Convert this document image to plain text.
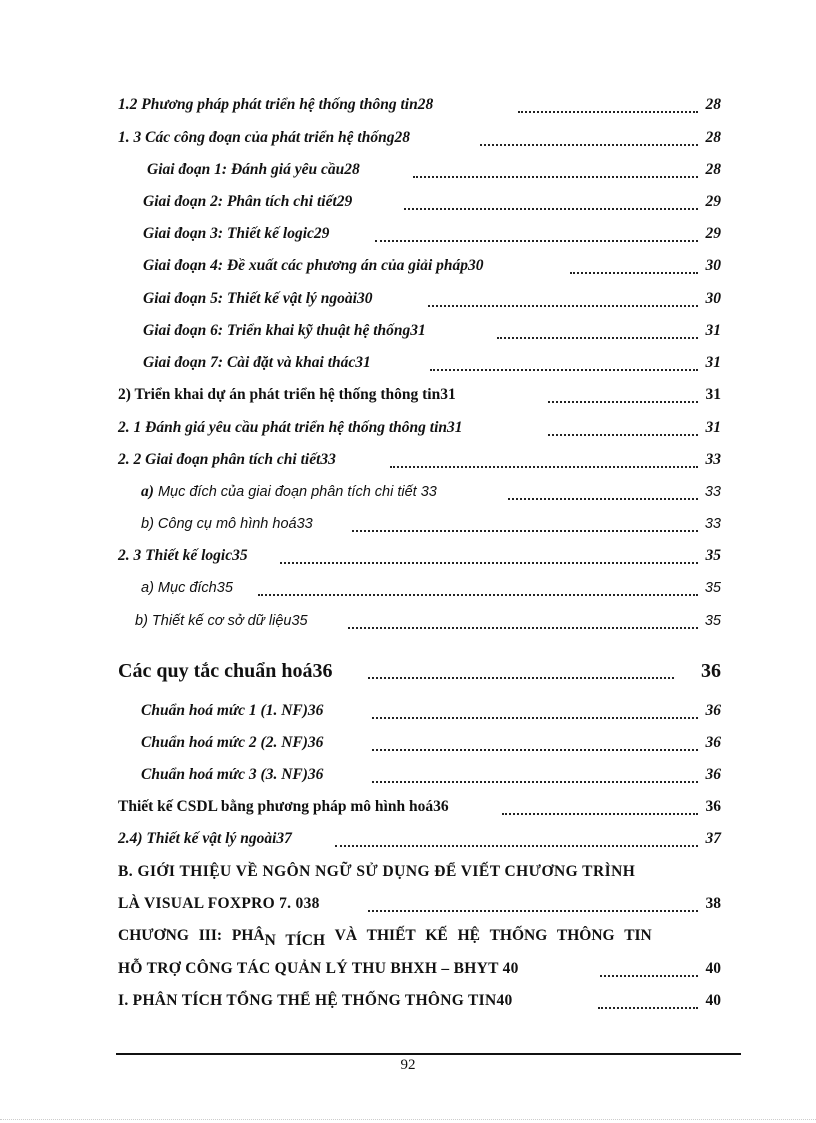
1.2 Phương pháp phát triển hệ thống thông tin28	28
1. 3 Các công đoạn của phát triển hệ thống28	28
Giai đoạn 1: Đánh giá yêu cầu28	28
Giai đoạn 2: Phân tích chi tiết29	29
Giai đoạn 3: Thiết kế logic29	29
Giai đoạn 4: Đề xuất các phương án của giải pháp30	30
Giai đoạn 5: Thiết kế vật lý ngoài30	30
Giai đoạn 6: Triển khai kỹ thuật hệ thống31	31
Giai đoạn 7: Cài đặt và khai thác31	31
2) Triển khai dự án phát triển hệ thống thông tin31	31
2. 1 Đánh giá yêu cầu phát triển hệ thống thông tin31	31
2. 2 Giai đoạn phân tích chi tiết33	33
a) Mục đích của giai đoạn phân tích chi tiết 33	33
b) Công cụ mô hình hoá33	33
2. 3 Thiết kế logic35	35
a) Mục đích35	35
b) Thiết kế cơ sở dữ liệu35	35
Các quy tắc chuẩn hoá36	36
Chuẩn hoá mức 1 (1. NF)36	36
Chuẩn hoá mức 2 (2. NF)36	36
Chuẩn hoá mức 3 (3. NF)36	36
Thiết kế CSDL bằng phương pháp mô hình hoá36	36
2.4) Thiết kế vật lý ngoài37	37
B. GIỚI THIỆU VỀ NGÔN NGỮ SỬ DỤNG ĐỂ VIẾT CHƯƠNG TRÌNH
LÀ VISUAL FOXPRO 7. 038	38
CHƯƠNG III: PHÂN TÍCH VÀ THIẾT KẾ HỆ THỐNG THÔNG TIN
HỖ TRỢ CÔNG TÁC QUẢN LÝ THU BHXH – BHYT 40	40
I. PHÂN TÍCH TỔNG THỂ HỆ THỐNG THÔNG TIN40	40
92
